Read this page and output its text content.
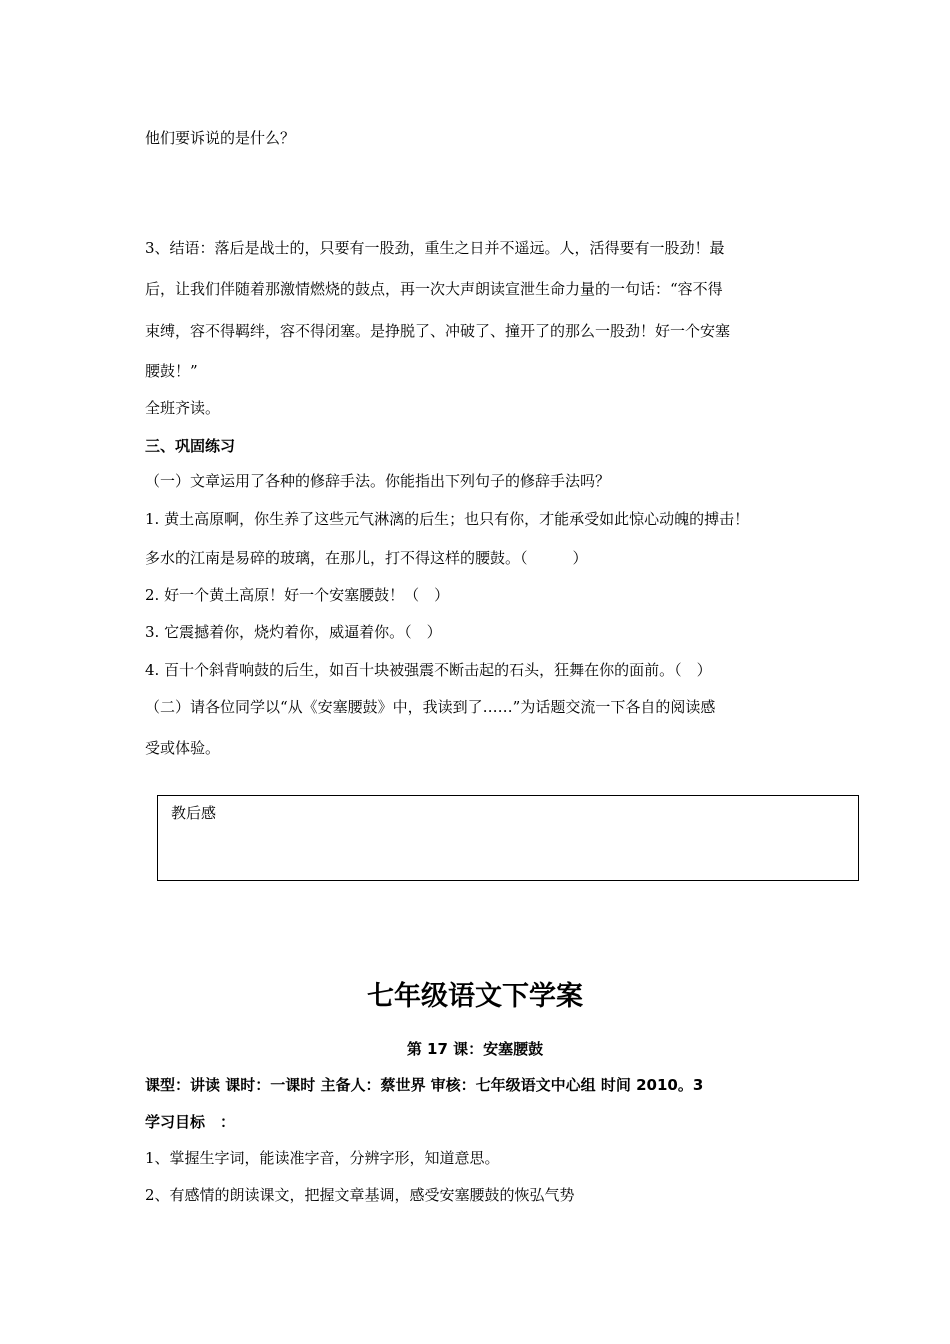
他们要诉说的是什么？
3、结语：落后是战士的，只要有一股劲，重生之日并不遥远。人，活得要有一股劲！最
后，让我们伴随着那激情燃烧的鼓点，再一次大声朗读宣泄生命力量的一句话：“容不得
束缚，容不得羁绊，容不得闭塞。是挣脱了、冲破了、撞开了的那么一股劲！好一个安塞
腰鼓！”
全班齐读。
三、巩固练习
（一）文章运用了各种的修辞手法。你能指出下列句子的修辞手法吗？
1. 黄土高原啊，你生养了这些元气淋漓的后生；也只有你，才能承受如此惊心动魄的搏击！
多水的江南是易碎的玻璃，在那儿，打不得这样的腰鼓。（　　　）
2. 好一个黄土高原！好一个安塞腰鼓！（　）
3. 它震撼着你，烧灼着你，威逼着你。（　）
4. 百十个斜背响鼓的后生，如百十块被强震不断击起的石头，狂舞在你的面前。（　）
（二）请各位同学以“从《安塞腰鼓》中，我读到了……”为话题交流一下各自的阅读感
受或体验。
教后感
七年级语文下学案
第 17 课：安塞腰鼓
课型：讲读 课时：一课时 主备人：蔡世界 审核：七年级语文中心组 时间 2010。3
学习目标　：
1、掌握生字词，能读准字音，分辨字形，知道意思。
2、有感情的朗读课文，把握文章基调，感受安塞腰鼓的恢弘气势
